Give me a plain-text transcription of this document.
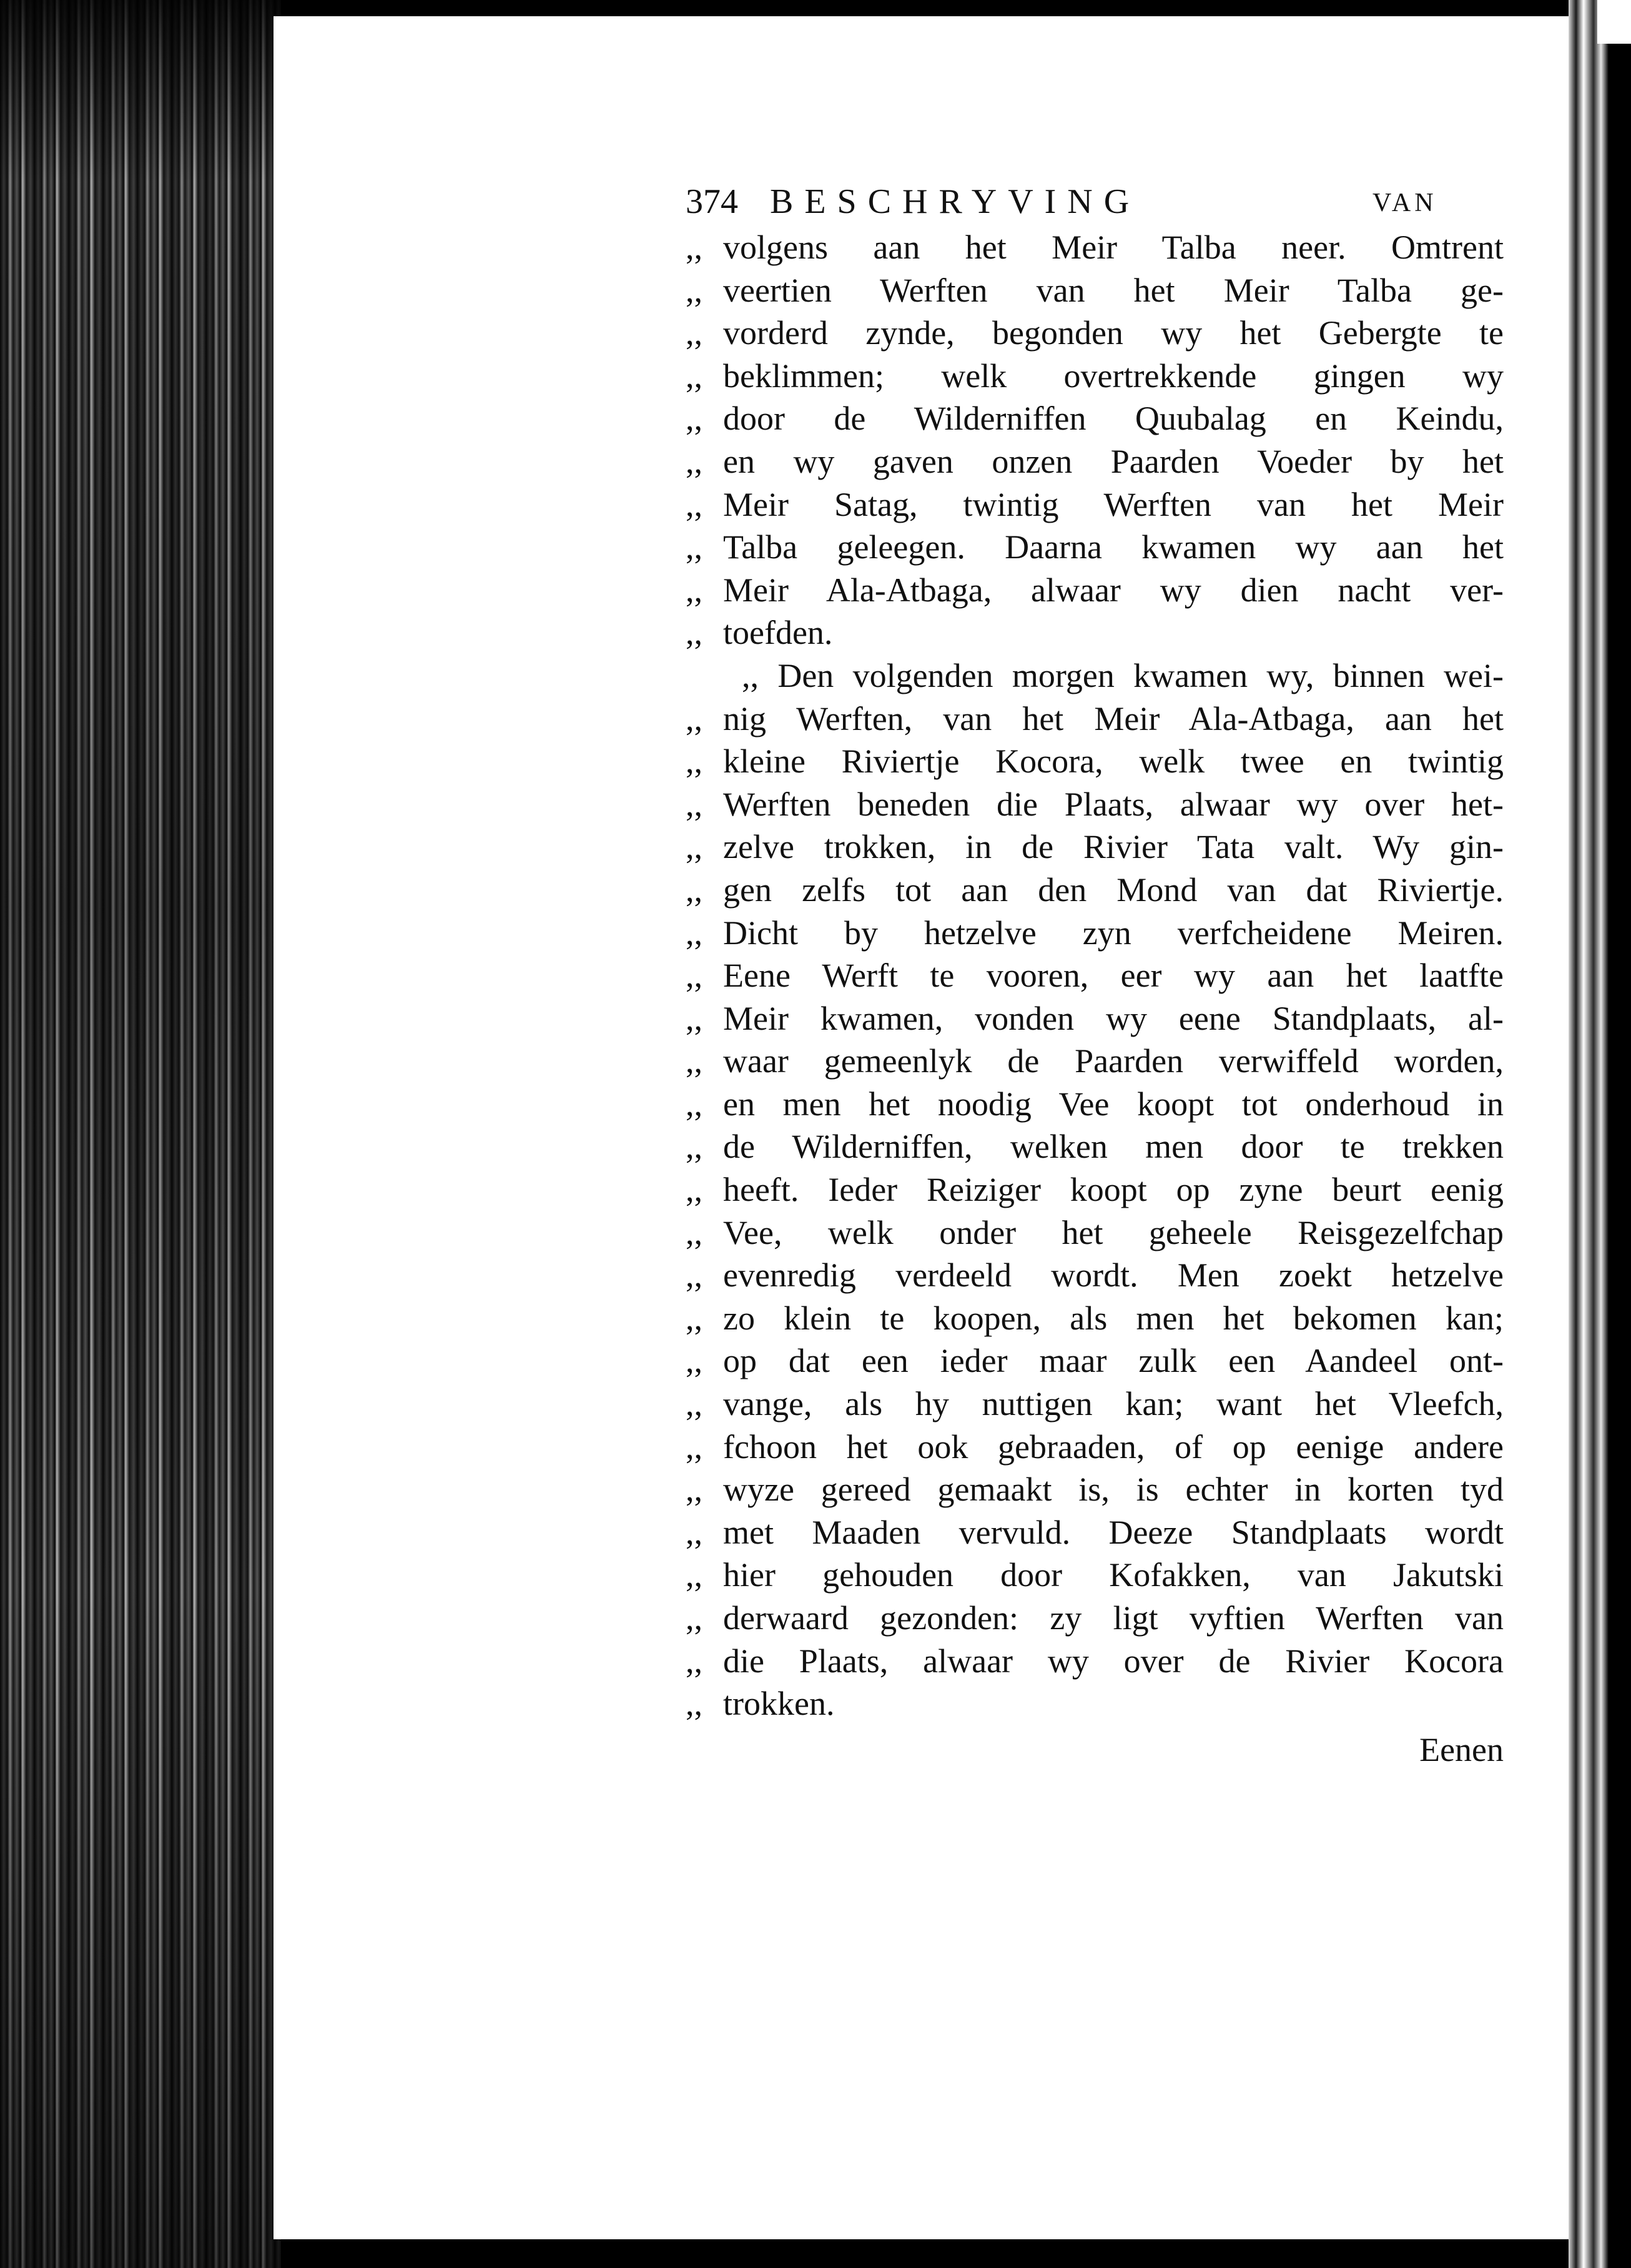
374 BESCHRYVING	VAN
,, volgens aan het Meir Talba neer. Omtrent
,, veertien Werften van het Meir Talba ge-
,, vorderd zynde, begonden wy het Gebergte te
,, beklimmen; welk overtrekkende gingen wy
,, door de Wilderniffen Quubalag en Keindu,
,, en wy gaven onzen Paarden Voeder by het
,, Meir Satag, twintig Werften van het Meir
,, Talba geleegen. Daarna kwamen wy aan het
,, Meir Ala-Atbaga, alwaar wy dien nacht ver-
,, toefden.
,, Den volgenden morgen kwamen wy, binnen wei-
,, nig Werften, van het Meir Ala-Atbaga, aan het
,, kleine Riviertje Kocora, welk twee en twintig
,, Werften beneden die Plaats, alwaar wy over het-
,, zelve trokken, in de Rivier Tata valt. Wy gin-
,, gen zelfs tot aan den Mond van dat Riviertje.
,, Dicht by hetzelve zyn verfcheidene Meiren.
,, Eene Werft te vooren, eer wy aan het laatfte
,, Meir kwamen, vonden wy eene Standplaats, al-
,, waar gemeenlyk de Paarden verwiffeld worden,
,, en men het noodig Vee koopt tot onderhoud in
,, de Wilderniffen, welken men door te trekken
,, heeft. Ieder Reiziger koopt op zyne beurt eenig
,, Vee, welk onder het geheele Reisgezelfchap
,, evenredig verdeeld wordt. Men zoekt hetzelve
,, zo klein te koopen, als men het bekomen kan;
,, op dat een ieder maar zulk een Aandeel ont-
,, vange, als hy nuttigen kan; want het Vleefch,
,, fchoon het ook gebraaden, of op eenige andere
,, wyze gereed gemaakt is, is echter in korten tyd
,, met Maaden vervuld. Deeze Standplaats wordt
,, hier gehouden door Kofakken, van Jakutski
,, derwaard gezonden: zy ligt vyftien Werften van
,, die Plaats, alwaar wy over de Rivier Kocora
,, trokken.
Eenen
